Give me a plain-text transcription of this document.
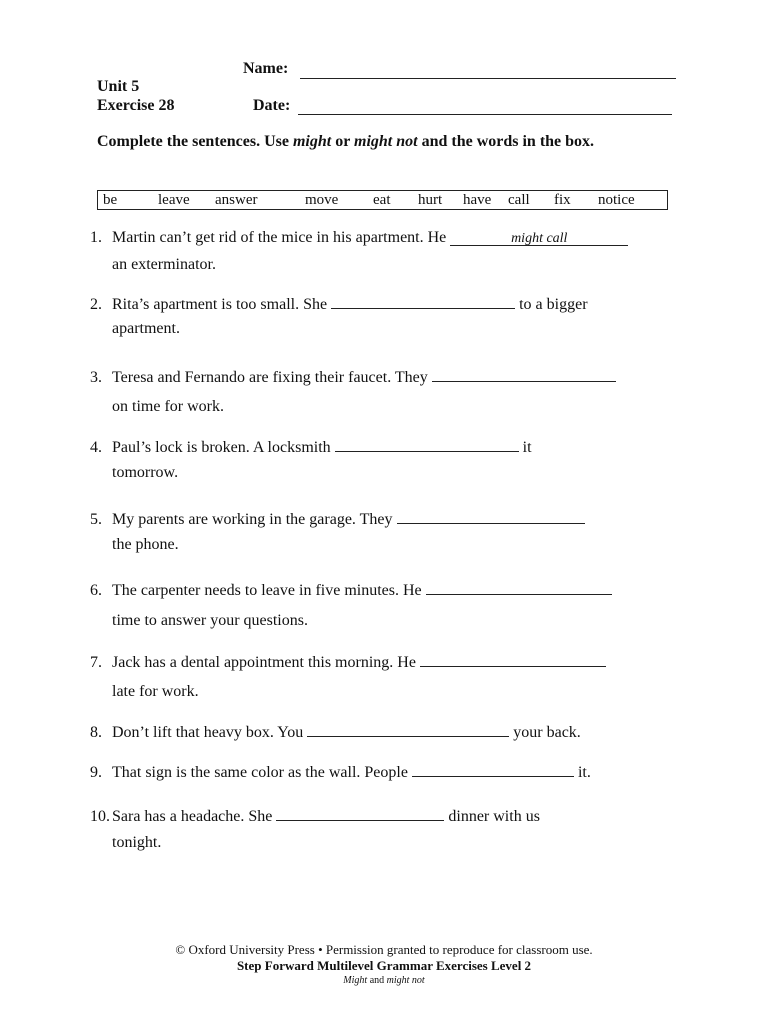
Name:
Unit 5
Exercise 28	Date:
Complete the sentences. Use might or might not and the words in the box.
be	leave answer	move eat hurt have call fix notice
1. Martin can’t get rid of the mice in his apartment. He	might call
an exterminator.
2. Rita’s apartment is too small. She	to a bigger
apartment.
3. Teresa and Fernando are fixing their faucet. They
on time for work.
4. Paul’s lock is broken. A locksmith	it
tomorrow.
5. My parents are working in the garage. They
the phone.
6. The carpenter needs to leave in five minutes. He
time to answer your questions.
7. Jack has a dental appointment this morning. He
late for work.
8. Don’t lift that heavy box. You	your back.
9. That sign is the same color as the wall. People	it.
10. Sara has a headache. She	dinner with us
tonight.
© Oxford University Press • Permission granted to reproduce for classroom use.
Step Forward Multilevel Grammar Exercises Level 2
Might and might not
